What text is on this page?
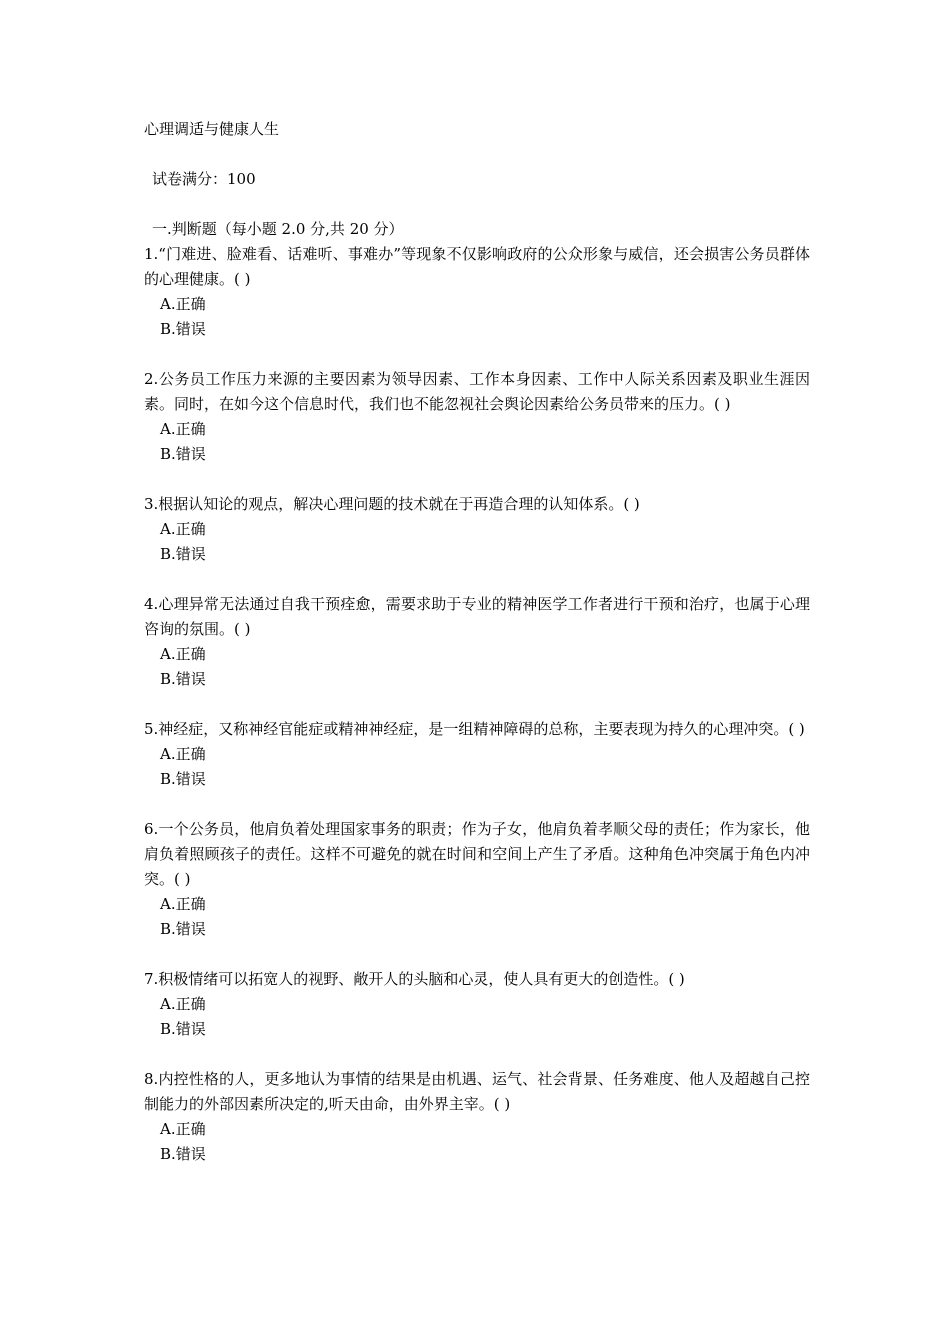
心理调适与健康人生
试卷满分：100
一.判断题（每小题 2.0 分,共 20 分）

1.“门难进、脸难看、话难听、事难办”等现象不仅影响政府的公众形象与威信，还会损害公务员群体的心理健康。( )

A.正确

B.错误

2.公务员工作压力来源的主要因素为领导因素、工作本身因素、工作中人际关系因素及职业生涯因素。同时，在如今这个信息时代，我们也不能忽视社会舆论因素给公务员带来的压力。( )

A.正确

B.错误

3.根据认知论的观点，解决心理问题的技术就在于再造合理的认知体系。( )

A.正确

B.错误

4.心理异常无法通过自我干预痊愈，需要求助于专业的精神医学工作者进行干预和治疗，也属于心理咨询的氛围。( )

A.正确

B.错误

5.神经症，又称神经官能症或精神神经症，是一组精神障碍的总称，主要表现为持久的心理冲突。( )

A.正确

B.错误

6.一个公务员，他肩负着处理国家事务的职责；作为子女，他肩负着孝顺父母的责任；作为家长，他肩负着照顾孩子的责任。这样不可避免的就在时间和空间上产生了矛盾。这种角色冲突属于角色内冲突。( )

A.正确

B.错误

7.积极情绪可以拓宽人的视野、敞开人的头脑和心灵，使人具有更大的创造性。( )

A.正确

B.错误

8.内控性格的人，更多地认为事情的结果是由机遇、运气、社会背景、任务难度、他人及超越自己控制能力的外部因素所决定的,听天由命，由外界主宰。( )

A.正确

B.错误
